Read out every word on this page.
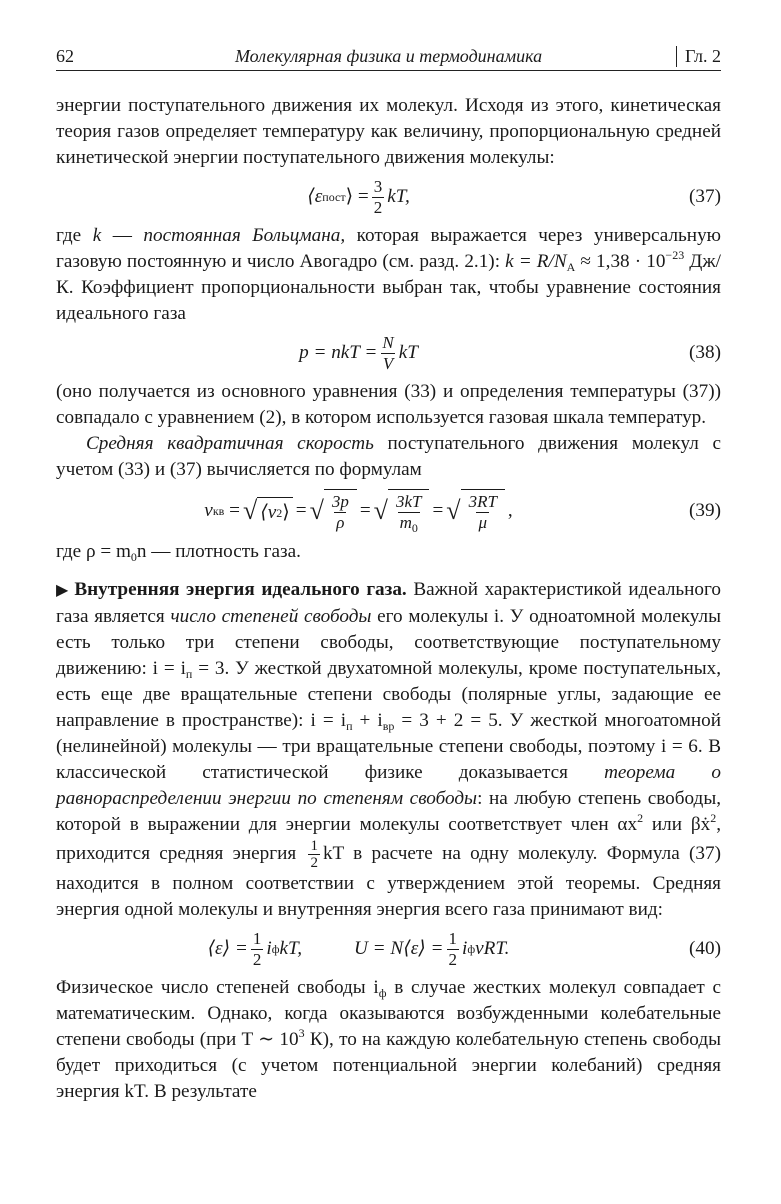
62	Молекулярная физика и термодинамика	Гл. 2

энергии поступательного движения их молекул. Исходя из этого, кинетическая теория газов определяет температуру как величину, пропорциональную средней кинетической энергии поступательного движения молекулы:

⟨ε пост ⟩ = $\frac{3}{2}$ kT,	(37)

где k — постоянная Больцмана, которая выражается через универсальную газовую постоянную и число Авогадро (см. разд. 2.1): $k = R/N_A \approx 1,38 \cdot 10^{-23}$ Дж/К. Коэффициент пропорциональности выбран так, чтобы уравнение состояния идеального газа

p = nkT = $\frac{N}{V}$ kT	(38)

(оно получается из основного уравнения (33) и определения температуры (37)) совпадало с уравнением (2), в котором используется газовая шкала температур.

Средняя квадратичная скорость поступательного движения молекул с учетом (33) и (37) вычисляется по формулам

v кв
= √ ⟨v 2 ⟩ = √ $\frac{3p}{\rho}$ = √ $\frac{3kT}{m_0}$ = √ $\frac{3RT}{\mu}$ ,	(39)

где $\rho = m_0n$ — плотность газа.

▶ Внутренняя энергия идеального газа. Важной характеристикой идеального газа является число степеней свободы его молекулы i. У одноатомной молекулы есть только три степени свободы, соответствующие поступательному движению: $i = i_п = 3$. У жесткой двухатомной молекулы, кроме поступательных, есть еще две вращательные степени свободы (полярные углы, задающие ее направление в пространстве): $i = i_п + i_{вр} = 3 + 2 = 5$. У жесткой многоатомной (нелинейной) молекулы — три вращательные степени свободы, поэтому i = 6. В классической статистической физике доказывается теорема о равнораспределении энергии по степеням свободы: на любую степень свободы, которой в выражении для энергии молекулы соответствует член $\alpha x^2$ или βẋ$^2$, приходится средняя энергия $\frac{1}{2}$ kT в расчете на одну молекулу. Формула (37) находится в полном соответствии с утверждением этой теоремы. Средняя энергия одной молекулы и внутренняя энергия всего газа принимают вид:

⟨ε⟩ = $\frac{1}{2}$ i ф kT,	U = N⟨ε⟩ = $\frac{1}{2}$ i ф νRT.	(40)

Физическое число степеней свободы $i_ф$ в случае жестких молекул совпадает с математическим. Однако, когда оказываются возбужденными колебательные степени свободы (при T ∼ $10^3$ К), то на каждую колебательную степень свободы будет приходиться (с учетом потенциальной энергии колебаний) средняя энергия kT. В результате
